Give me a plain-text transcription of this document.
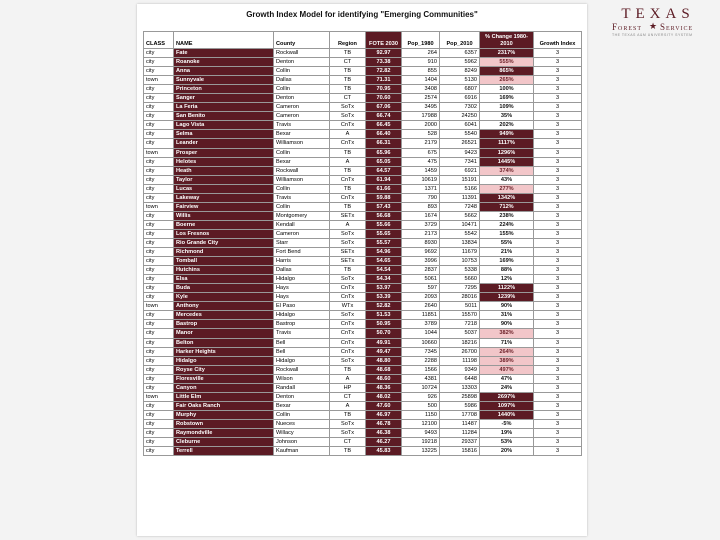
Growth Index Model for identifying "Emerging Communities"
CLASS	NAME	County	Region	FOTE 2030	Pop_1980	Pop_2010	% Change 1980-2010	Growth Index
city	Fate	Rockwall	TB	92.97	264	6357	2317%	3
city	Roanoke	Denton	CT	73.38	910	5962	555%	3
city	Anna	Collin	TB	72.82	855	8249	865%	3
town	Sunnyvale	Dallas	TB	71.31	1404	5130	265%	3
city	Princeton	Collin	TB	70.95	3408	6807	100%	3
city	Sanger	Denton	CT	70.60	2574	6916	169%	3
city	La Feria	Cameron	SoTx	67.06	3495	7302	109%	3
city	San Benito	Cameron	SoTx	66.74	17988	24250	35%	3
city	Lago Vista	Travis	CnTx	66.45	2000	6041	202%	3
city	Selma	Bexar	A	66.40	528	5540	949%	3
city	Leander	Williamson	CnTx	66.31	2179	26521	1117%	3
town	Prosper	Collin	TB	65.96	675	9423	1296%	3
city	Helotes	Bexar	A	65.05	475	7341	1445%	3
city	Heath	Rockwall	TB	64.57	1459	6921	374%	3
city	Taylor	Williamson	CnTx	61.94	10619	15191	43%	3
city	Lucas	Collin	TB	61.66	1371	5166	277%	3
city	Lakeway	Travis	CnTx	59.88	790	11391	1342%	3
town	Fairview	Collin	TB	57.43	893	7248	712%	3
city	Willis	Montgomery	SETx	56.68	1674	5662	238%	3
city	Boerne	Kendall	A	55.66	3729	10471	224%	3
city	Los Fresnos	Cameron	SoTx	55.65	2173	5542	155%	3
city	Rio Grande City	Starr	SoTx	55.57	8930	13834	55%	3
city	Richmond	Fort Bend	SETx	54.96	9692	11679	21%	3
city	Tomball	Harris	SETx	54.65	3996	10753	169%	3
city	Hutchins	Dallas	TB	54.54	2837	5338	88%	3
city	Elsa	Hidalgo	SoTx	54.34	5061	5660	12%	3
city	Buda	Hays	CnTx	53.97	597	7295	1122%	3
city	Kyle	Hays	CnTx	53.39	2093	28016	1239%	3
town	Anthony	El Paso	WTx	52.82	2640	5011	90%	3
city	Mercedes	Hidalgo	SoTx	51.53	11851	15570	31%	3
city	Bastrop	Bastrop	CnTx	50.95	3789	7218	90%	3
city	Manor	Travis	CnTx	50.70	1044	5037	382%	3
city	Belton	Bell	CnTx	49.91	10660	18216	71%	3
city	Harker Heights	Bell	CnTx	49.47	7345	26700	264%	3
city	Hidalgo	Hidalgo	SoTx	48.80	2288	11198	389%	3
city	Royse City	Rockwall	TB	48.68	1566	9349	497%	3
city	Floresville	Wilson	A	48.60	4381	6448	47%	3
city	Canyon	Randall	HP	48.36	10724	13303	24%	3
town	Little Elm	Denton	CT	48.02	926	25898	2697%	3
city	Fair Oaks Ranch	Bexar	A	47.60	500	5986	1097%	3
city	Murphy	Collin	TB	46.97	1150	17708	1440%	3
city	Robstown	Nueces	SoTx	46.78	12100	11487	-5%	3
city	Raymondville	Willacy	SoTx	46.38	9493	11284	19%	3
city	Cleburne	Johnson	CT	46.27	19218	29337	53%	3
city	Terrell	Kaufman	TB	45.83	13225	15816	20%	3
TEXAS
Forest Service
★
THE TEXAS A&M UNIVERSITY SYSTEM
